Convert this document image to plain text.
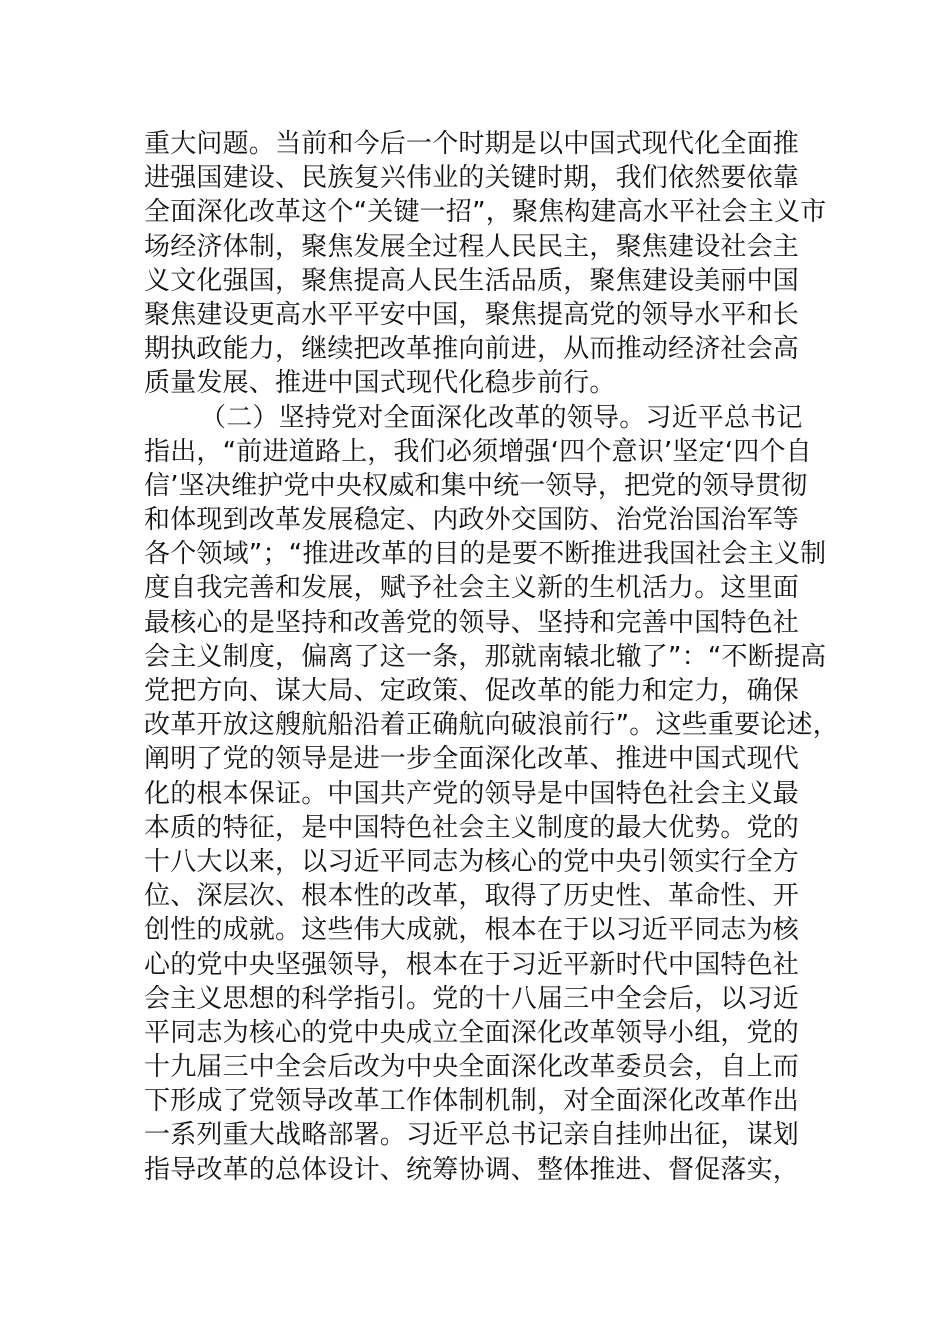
重大问题。当前和今后一个时期是以中国式现代化全面推
进强国建设、民族复兴伟业的关键时期，我们依然要依靠
全面深化改革这个“关键一招”，聚焦构建高水平社会主义市
场经济体制，聚焦发展全过程人民民主，聚焦建设社会主
义文化强国，聚焦提高人民生活品质，聚焦建设美丽中国
聚焦建设更高水平平安中国，聚焦提高党的领导水平和长
期执政能力，继续把改革推向前进，从而推动经济社会高
质量发展、推进中国式现代化稳步前行。
（二）坚持党对全面深化改革的领导。习近平总书记
指出，“前进道路上，我们必须增强‘四个意识’坚定‘四个自
信’坚决维护党中央权威和集中统一领导，把党的领导贯彻
和体现到改革发展稳定、内政外交国防、治党治国治军等
各个领域”；“推进改革的目的是要不断推进我国社会主义制
度自我完善和发展，赋予社会主义新的生机活力。这里面
最核心的是坚持和改善党的领导、坚持和完善中国特色社
会主义制度，偏离了这一条，那就南辕北辙了”：“不断提高
党把方向、谋大局、定政策、促改革的能力和定力，确保
改革开放这艘航船沿着正确航向破浪前行”。这些重要论述，
阐明了党的领导是进一步全面深化改革、推进中国式现代
化的根本保证。中国共产党的领导是中国特色社会主义最
本质的特征，是中国特色社会主义制度的最大优势。党的
十八大以来，以习近平同志为核心的党中央引领实行全方
位、深层次、根本性的改革，取得了历史性、革命性、开
创性的成就。这些伟大成就，根本在于以习近平同志为核
心的党中央坚强领导，根本在于习近平新时代中国特色社
会主义思想的科学指引。党的十八届三中全会后，以习近
平同志为核心的党中央成立全面深化改革领导小组，党的
十九届三中全会后改为中央全面深化改革委员会，自上而
下形成了党领导改革工作体制机制，对全面深化改革作出
一系列重大战略部署。习近平总书记亲自挂帅出征，谋划
指导改革的总体设计、统筹协调、整体推进、督促落实，
